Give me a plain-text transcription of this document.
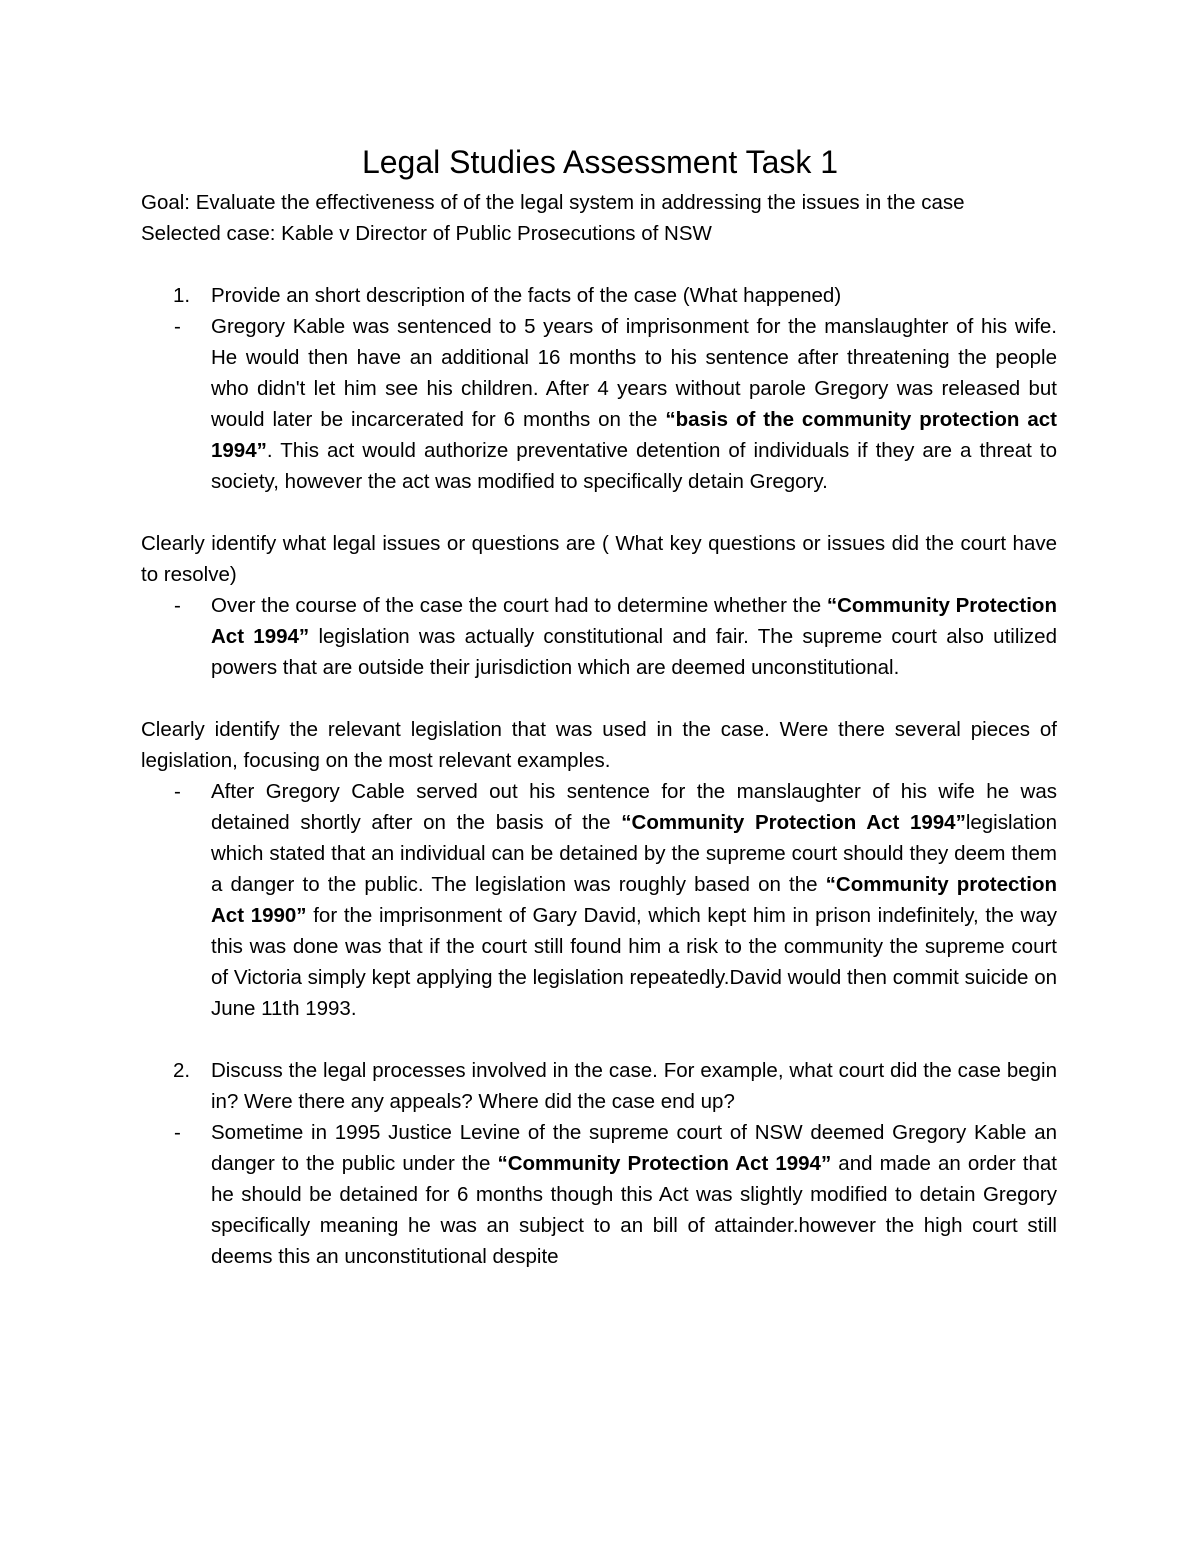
Legal Studies Assessment Task 1

Goal: Evaluate the effectiveness of of the legal system in addressing the issues in the case

Selected case: Kable v Director of Public Prosecutions of NSW

1. Provide an short description of the facts of the case (What happened)

- Gregory Kable was sentenced to 5 years of imprisonment for the manslaughter of his wife. He would then have an additional 16 months to his sentence after threatening the people who didn't let him see his children. After 4 years without parole Gregory was released but would later be incarcerated for 6 months on the “basis of the community protection act 1994”. This act would authorize preventative detention of individuals if they are a threat to society, however the act was modified to specifically detain Gregory.

Clearly identify what legal issues or questions are ( What key questions or issues did the court have to resolve)

- Over the course of the case the court had to determine whether the “Community Protection Act 1994” legislation was actually constitutional and fair. The supreme court also utilized powers that are outside their jurisdiction which are deemed unconstitutional.

Clearly identify the relevant legislation that was used in the case. Were there several pieces of legislation, focusing on the most relevant examples.

- After Gregory Cable served out his sentence for the manslaughter of his wife he was detained shortly after on the basis of the “Community Protection Act 1994”legislation which stated that an individual can be detained by the supreme court should they deem them a danger to the public. The legislation was roughly based on the “Community protection Act 1990” for the imprisonment of Gary David, which kept him in prison indefinitely, the way this was done was that if the court still found him a risk to the community the supreme court of Victoria simply kept applying the legislation repeatedly.David would then commit suicide on June 11th 1993.

2. Discuss the legal processes involved in the case. For example, what court did the case begin in? Were there any appeals? Where did the case end up?

- Sometime in 1995 Justice Levine of the supreme court of NSW deemed Gregory Kable an danger to the public under the “Community Protection Act 1994” and made an order that he should be detained for 6 months though this Act was slightly modified to detain Gregory specifically meaning he was an subject to an bill of attainder.however the high court still deems this an unconstitutional despite
